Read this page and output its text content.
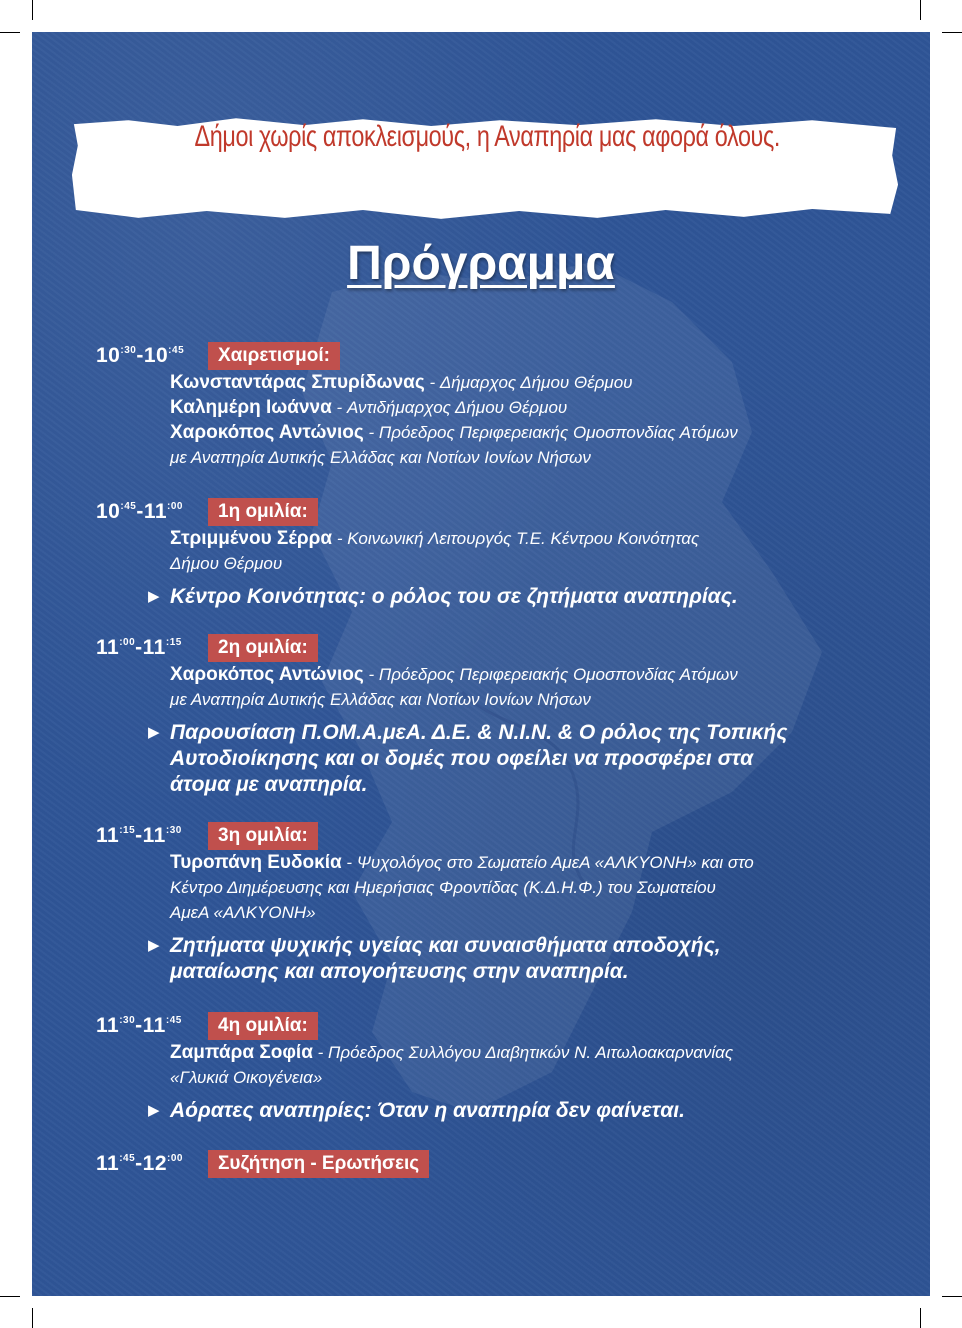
Δήμοι χωρίς αποκλεισμούς, η Αναπηρία μας αφορά όλους.
Πρόγραμμα
$10^{:30}-10^{:45}$	Χαιρετισμοί:
Κωνσταντάρας Σπυρίδωνας - Δήμαρχος Δήμου Θέρμου
Καλημέρη Ιωάννα - Αντιδήμαρχος Δήμου Θέρμου
Χαροκόπος Αντώνιος - Πρόεδρος Περιφερειακής Ομοσπονδίας Ατόμων
με Αναπηρία Δυτικής Ελλάδας και Νοτίων Ιονίων Νήσων
$10^{:45}-11^{:00}$	1η ομιλία:
Στριμμένου Σέρρα - Κοινωνική Λειτουργός Τ.Ε. Κέντρου Κοινότητας
Δήμου Θέρμου
▶ Κέντρο Κοινότητας: ο ρόλος του σε ζητήματα αναπηρίας.
$11^{:00}-11^{:15}$	2η ομιλία:
Χαροκόπος Αντώνιος - Πρόεδρος Περιφερειακής Ομοσπονδίας Ατόμων
με Αναπηρία Δυτικής Ελλάδας και Νοτίων Ιονίων Νήσων
▶ Παρουσίαση Π.ΟΜ.Α.μεΑ. Δ.Ε. & Ν.Ι.Ν. & Ο ρόλος της Τοπικής
Αυτοδιοίκησης και οι δομές που οφείλει να προσφέρει στα
άτομα με αναπηρία.
$11^{:15}-11^{:30}$	3η ομιλία:
Τυροπάνη Ευδοκία - Ψυχολόγος στο Σωματείο ΑμεΑ «ΑΛΚΥΟΝΗ» και στο
Κέντρο Διημέρευσης και Ημερήσιας Φροντίδας (Κ.Δ.Η.Φ.) του Σωματείου
ΑμεΑ «ΑΛΚΥΟΝΗ»
▶ Ζητήματα ψυχικής υγείας και συναισθήματα αποδοχής,
ματαίωσης και απογοήτευσης στην αναπηρία.
$11^{:30}-11^{:45}$	4η ομιλία:
Ζαμπάρα Σοφία - Πρόεδρος Συλλόγου Διαβητικών Ν. Αιτωλοακαρνανίας
«Γλυκιά Οικογένεια»
▶ Αόρατες αναπηρίες: Όταν η αναπηρία δεν φαίνεται.
$11^{:45}-12^{:00}$	Συζήτηση - Ερωτήσεις
